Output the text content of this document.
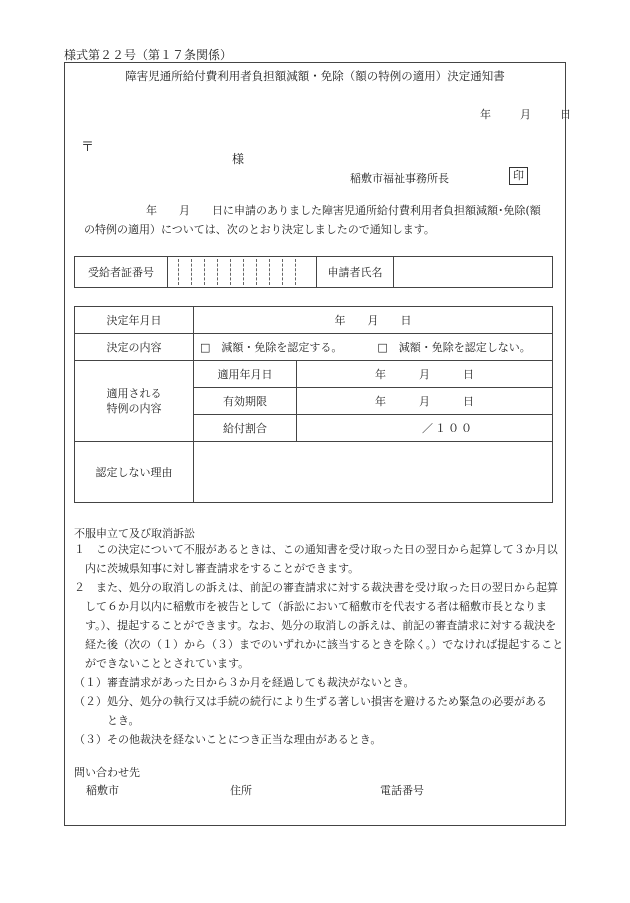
様式第２２号（第１７条関係）
障害児通所給付費利用者負担額減額・免除（額の特例の適用）決定通知書
年	月	日
〒
様
稲敷市福祉事務所長	印
年　　月　　日に申請のありました障害児通所給付費利用者負担額減額･免除(額
の特例の適用）については、次のとおり決定しましたので通知します。
受給者証番号		申請者氏名	
決定年月日	年　　月　　日	
決定の内容	□　減額・免除を認定する。 □　減額・免除を認定しない。	

適用される
特例の内容	適用年月日	年　　　月　　　日
	有効期限	年　　　月　　　日
	給付割合	／１００
認定しない理由		
不服申立て及び取消訴訟
１　この決定について不服があるときは、この通知書を受け取った日の翌日から起算して３か月以
　内に茨城県知事に対し審査請求をすることができます。
２　また、処分の取消しの訴えは、前記の審査請求に対する裁決書を受け取った日の翌日から起算
　して６か月以内に稲敷市を被告として（訴訟において稲敷市を代表する者は稲敷市長となりま
　す。）、提起することができます。なお、処分の取消しの訴えは、前記の審査請求に対する裁決を
　経た後（次の（１）から（３）までのいずれかに該当するときを除く。）でなければ提起すること
　ができないこととされています。
（１）審査請求があった日から３か月を経過しても裁決がないとき。
（２）処分、処分の執行又は手続の続行により生ずる著しい損害を避けるため緊急の必要がある
　　　とき。
（３）その他裁決を経ないことにつき正当な理由があるとき。
問い合わせ先
稲敷市	住所	電話番号
